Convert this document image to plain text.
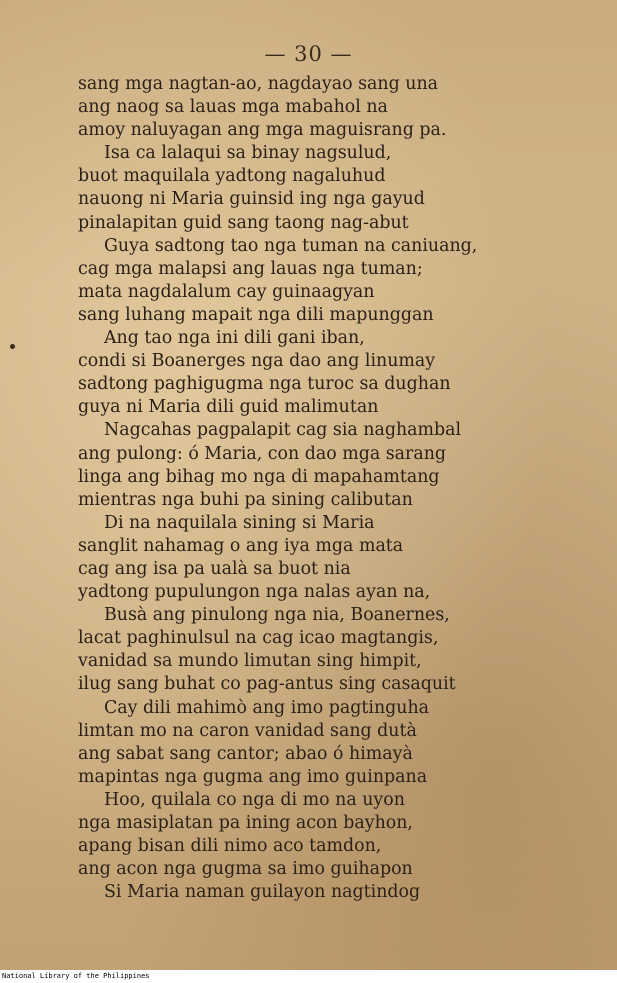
— 30 —
sang mga nagtan-ao, nagdayao sang una
ang naog sa lauas mga mabahol na
amoy naluyagan ang mga maguisrang pa.
Isa ca lalaqui sa binay nagsulud,
buot maquilala yadtong nagaluhud
nauong ni Maria guinsid ing nga gayud
pinalapitan guid sang taong nag-abut
Guya sadtong tao nga tuman na caniuang,
cag mga malapsi ang lauas nga tuman;
mata nagdalalum cay guinaagyan
sang luhang mapait nga dili mapunggan
Ang tao nga ini dili gani iban,
condi si Boanerges nga dao ang linumay
sadtong paghigugma nga turoc sa dughan
guya ni Maria dili guid malimutan
Nagcahas pagpalapit cag sia naghambal
ang pulong: ó Maria, con dao mga sarang
linga ang bihag mo nga di mapahamtang
mientras nga buhi pa sining calibutan
Di na naquilala sining si Maria
sanglit nahamag o ang iya mga mata
cag ang isa pa ualà sa buot nia
yadtong pupulungon nga nalas ayan na,
Busà ang pinulong nga nia, Boanernes,
lacat paghinulsul na cag icao magtangis,
vanidad sa mundo limutan sing himpit,
ilug sang buhat co pag-antus sing casaquit
Cay dili mahimò ang imo pagtinguha
limtan mo na caron vanidad sang dutà
ang sabat sang cantor; abao ó himayà
mapintas nga gugma ang imo guinpana
Hoo, quilala co nga di mo na uyon
nga masiplatan pa ining acon bayhon,
apang bisan dili nimo aco tamdon,
ang acon nga gugma sa imo guihapon
Si Maria naman guilayon nagtindog
National Library of the Philippines
